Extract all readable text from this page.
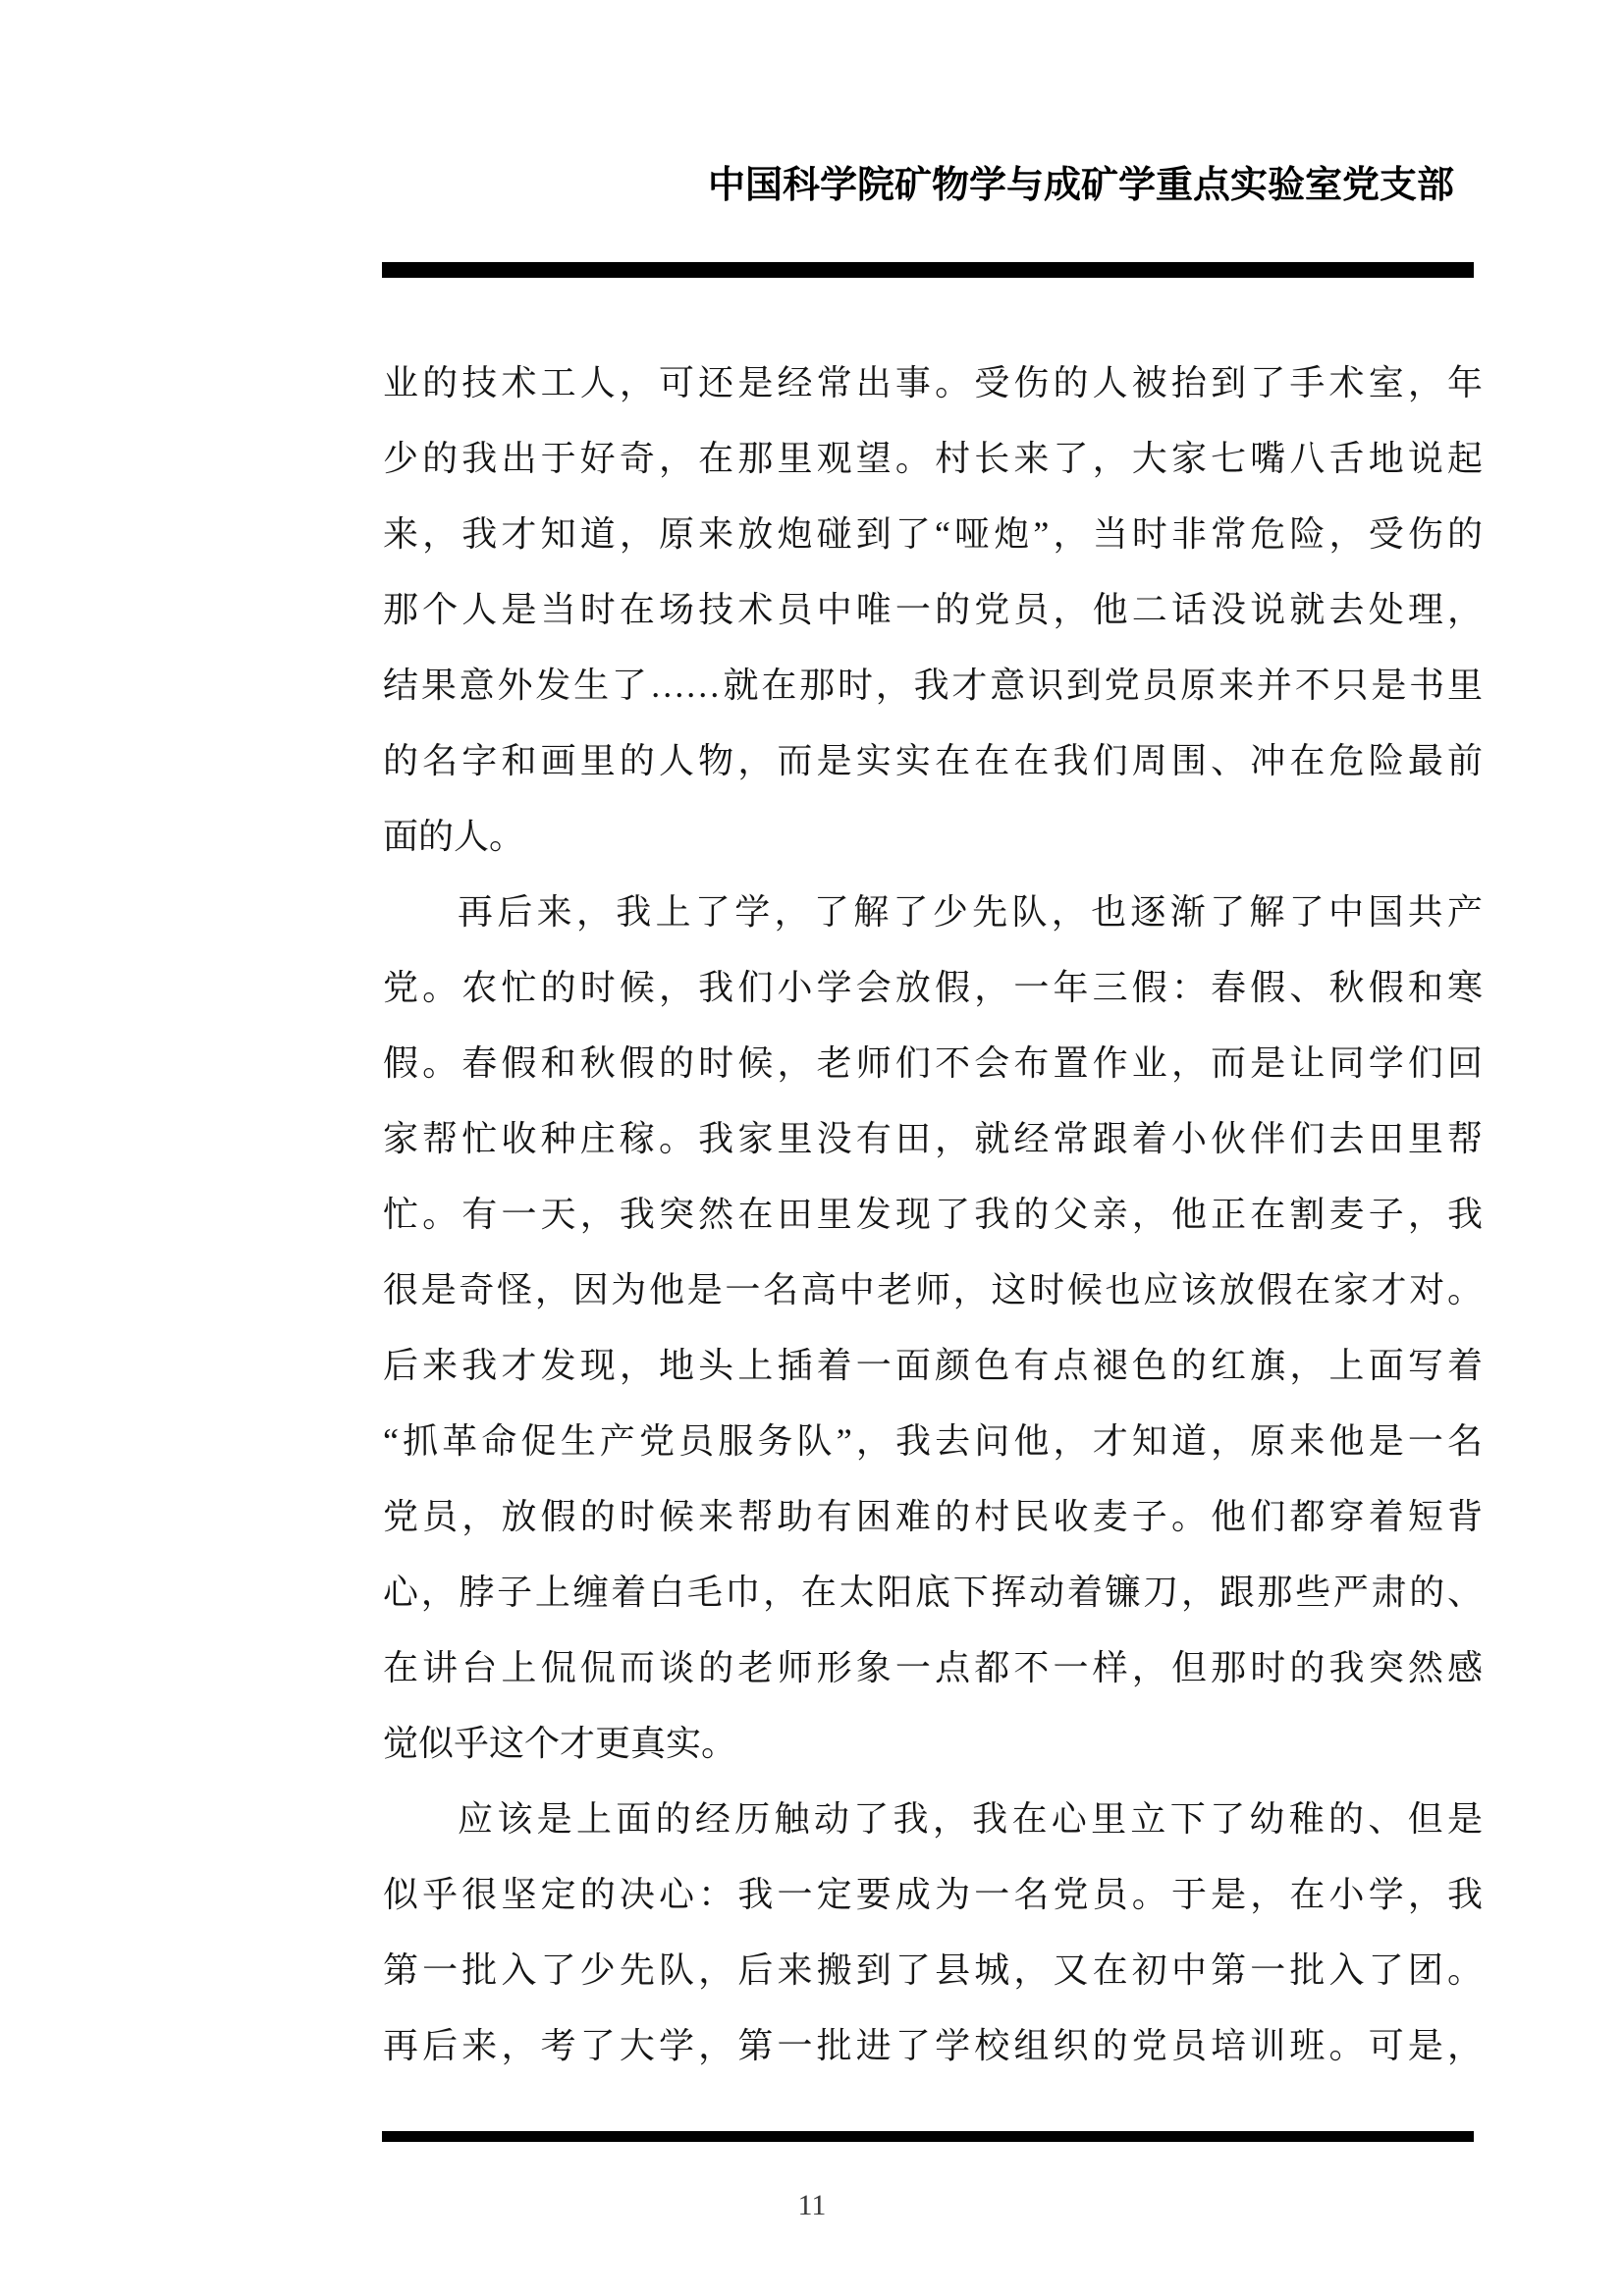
中国科学院矿物学与成矿学重点实验室党支部
业的技术工人，可还是经常出事。受伤的人被抬到了手术室，年
少的我出于好奇，在那里观望。村长来了，大家七嘴八舌地说起
来，我才知道，原来放炮碰到了“哑炮”，当时非常危险，受伤的
那个人是当时在场技术员中唯一的党员，他二话没说就去处理，
结果意外发生了……就在那时，我才意识到党员原来并不只是书里
的名字和画里的人物，而是实实在在在我们周围、冲在危险最前
面的人。
再后来，我上了学，了解了少先队，也逐渐了解了中国共产
党。农忙的时候，我们小学会放假，一年三假：春假、秋假和寒
假。春假和秋假的时候，老师们不会布置作业，而是让同学们回
家帮忙收种庄稼。我家里没有田，就经常跟着小伙伴们去田里帮
忙。有一天，我突然在田里发现了我的父亲，他正在割麦子，我
很是奇怪，因为他是一名高中老师，这时候也应该放假在家才对。
后来我才发现，地头上插着一面颜色有点褪色的红旗，上面写着
“抓革命促生产党员服务队”，我去问他，才知道，原来他是一名
党员，放假的时候来帮助有困难的村民收麦子。他们都穿着短背
心，脖子上缠着白毛巾，在太阳底下挥动着镰刀，跟那些严肃的、
在讲台上侃侃而谈的老师形象一点都不一样，但那时的我突然感
觉似乎这个才更真实。
应该是上面的经历触动了我，我在心里立下了幼稚的、但是
似乎很坚定的决心：我一定要成为一名党员。于是，在小学，我
第一批入了少先队，后来搬到了县城，又在初中第一批入了团。
再后来，考了大学，第一批进了学校组织的党员培训班。可是，
11
